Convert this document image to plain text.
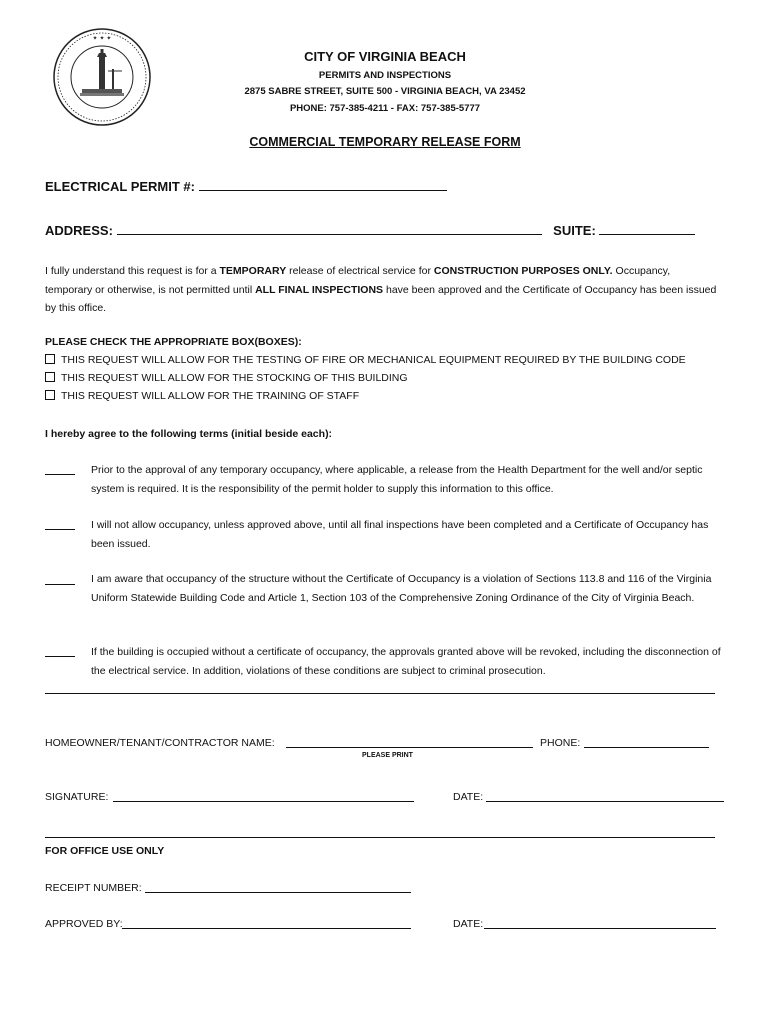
✦ ✦ ✦
CITY OF VIRGINIA BEACH
PERMITS AND INSPECTIONS
2875 SABRE STREET, SUITE 500 - VIRGINIA BEACH, VA 23452
PHONE: 757-385-4211 - FAX: 757-385-5777
COMMERCIAL TEMPORARY RELEASE FORM
ELECTRICAL PERMIT #:
ADDRESS:	SUITE:
I fully understand this request is for a TEMPORARY release of electrical service for CONSTRUCTION PURPOSES ONLY. Occupancy, temporary or otherwise, is not permitted until ALL FINAL INSPECTIONS have been approved and the Certificate of Occupancy has been issued by this office.
PLEASE CHECK THE APPROPRIATE BOX(BOXES):
THIS REQUEST WILL ALLOW FOR THE TESTING OF FIRE OR MECHANICAL EQUIPMENT REQUIRED BY THE BUILDING CODE
THIS REQUEST WILL ALLOW FOR THE STOCKING OF THIS BUILDING
THIS REQUEST WILL ALLOW FOR THE TRAINING OF STAFF
I hereby agree to the following terms (initial beside each):
Prior to the approval of any temporary occupancy, where applicable, a release from the Health Department for the well and/or septic system is required. It is the responsibility of the permit holder to supply this information to this office.
I will not allow occupancy, unless approved above, until all final inspections have been completed and a Certificate of Occupancy has been issued.
I am aware that occupancy of the structure without the Certificate of Occupancy is a violation of Sections 113.8 and 116 of the Virginia Uniform Statewide Building Code and Article 1, Section 103 of the Comprehensive Zoning Ordinance of the City of Virginia Beach.
If the building is occupied without a certificate of occupancy, the approvals granted above will be revoked, including the disconnection of the electrical service. In addition, violations of these conditions are subject to criminal prosecution.
HOMEOWNER/TENANT/CONTRACTOR NAME:
PLEASE PRINT
PHONE:
SIGNATURE:	DATE:
FOR OFFICE USE ONLY
RECEIPT NUMBER:
APPROVED BY:	DATE:
